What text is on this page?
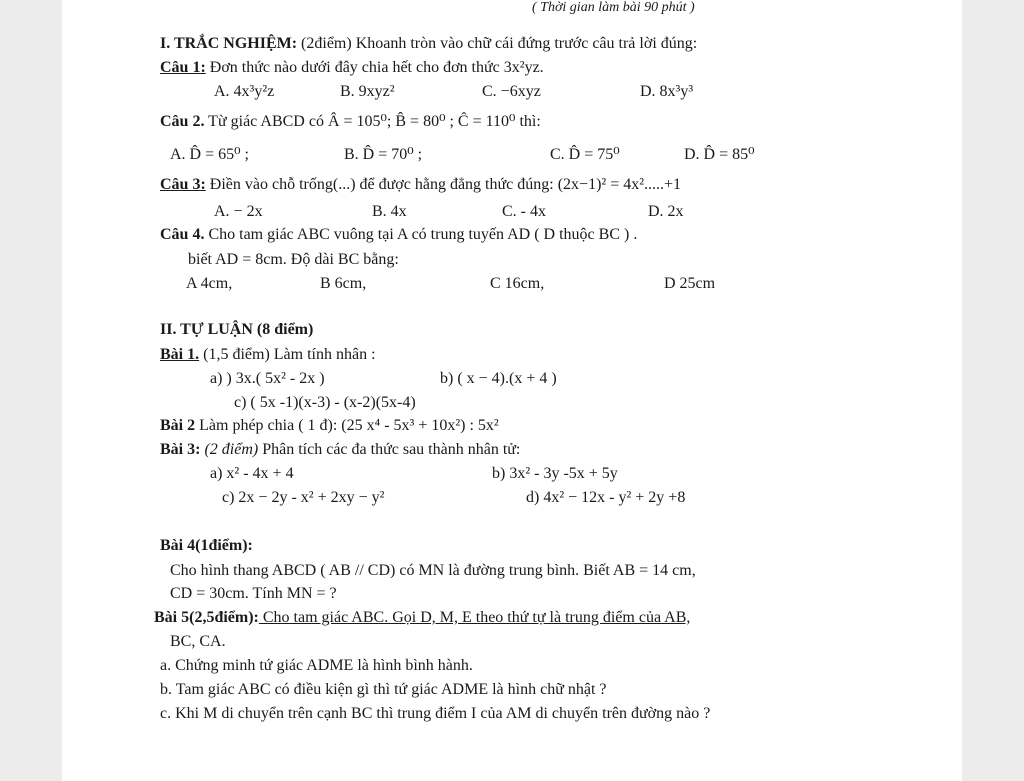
( Thời gian làm bài 90 phút )
I. TRẮC NGHIỆM: (2điểm) Khoanh tròn vào chữ cái đứng trước câu trả lời đúng:
Câu 1: Đơn thức nào dưới đây chia hết cho đơn thức 3x²yz.
A. 4x³y²z	B. 9xyz²	C. −6xyz	D. 8x³y³
Câu 2. Từ giác ABCD có Â = 105⁰; B̂ = 80⁰ ; Ĉ = 110⁰ thì:
A. D̂ = 65⁰ ;	B. D̂ = 70⁰ ;	C. D̂ = 75⁰	D. D̂ = 85⁰
Câu 3: Điền vào chỗ trống(...) để được hằng đẳng thức đúng: (2x−1)² = 4x².....+1
A. − 2x	B. 4x	C. - 4x	D. 2x
Câu 4. Cho tam giác ABC vuông tại A có trung tuyến AD ( D thuộc BC ) .
biết AD = 8cm. Độ dài BC bằng:
A 4cm,	B 6cm,	C 16cm,	D 25cm
II. TỰ LUẬN (8 điểm)
Bài 1. (1,5 điểm) Làm tính nhân :
a) ) 3x.( 5x² - 2x )	b) ( x − 4).(x + 4 )
c) ( 5x -1)(x-3) - (x-2)(5x-4)
Bài 2 Làm phép chia ( 1 đ): (25 x⁴ - 5x³ + 10x²) : 5x²
Bài 3: (2 điểm) Phân tích các đa thức sau thành nhân tử:
a) x² - 4x + 4	b) 3x² - 3y -5x + 5y
c) 2x − 2y - x² + 2xy − y²	d) 4x² − 12x - y² + 2y +8
Bài 4(1điểm):
Cho hình thang ABCD ( AB // CD) có MN là đường trung bình. Biết AB = 14 cm,
CD = 30cm. Tính MN = ?
Bài 5(2,5điểm): Cho tam giác ABC. Gọi D, M, E theo thứ tự là trung điểm của AB,
BC, CA.
a. Chứng minh tứ giác ADME là hình bình hành.
b. Tam giác ABC có điều kiện gì thì tứ giác ADME là hình chữ nhật ?
c. Khi M di chuyển trên cạnh BC thì trung điểm I của AM di chuyển trên đường nào ?
